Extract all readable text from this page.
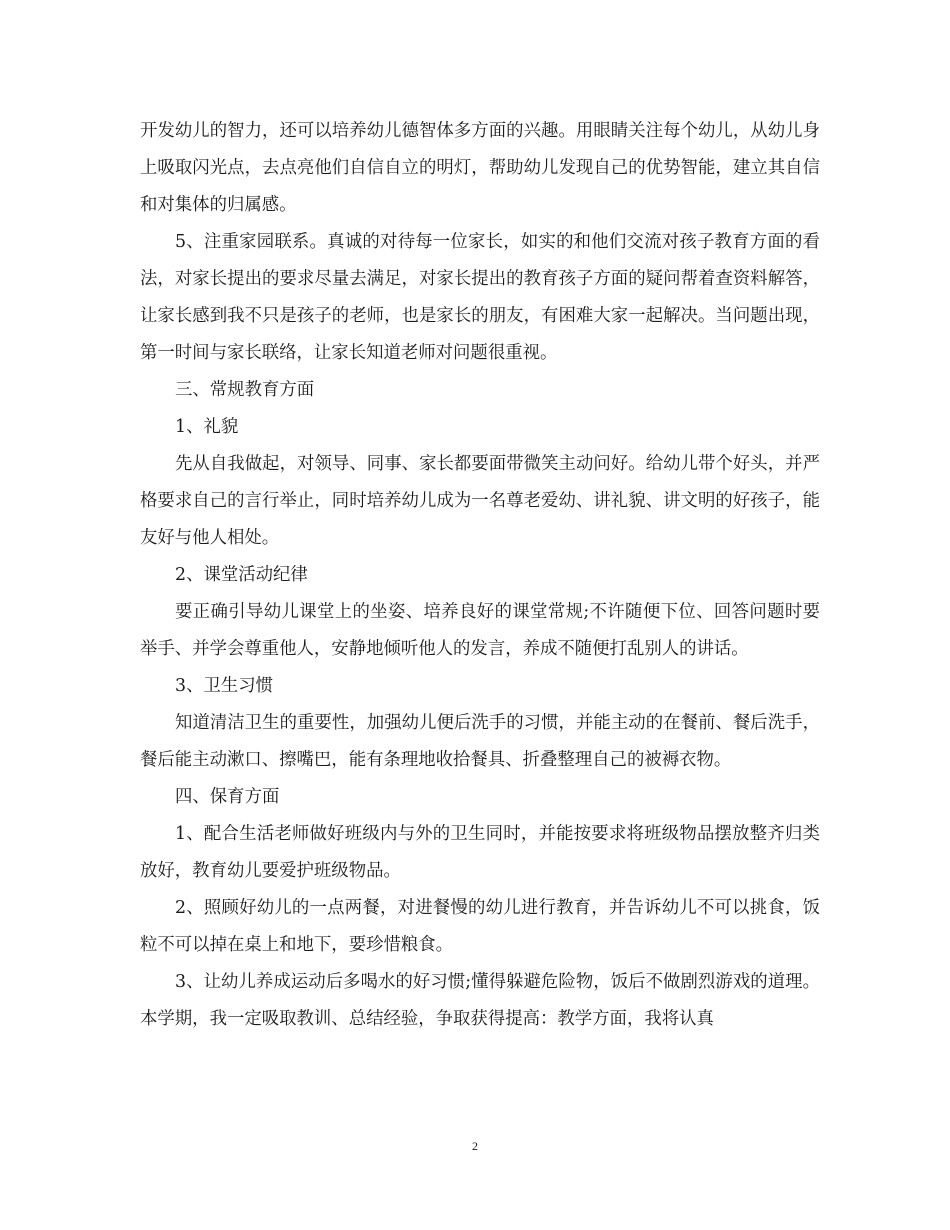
开发幼儿的智力，还可以培养幼儿德智体多方面的兴趣。用眼睛关注每个幼儿，从幼儿身上吸取闪光点，去点亮他们自信自立的明灯，帮助幼儿发现自己的优势智能，建立其自信和对集体的归属感。

5、注重家园联系。真诚的对待每一位家长，如实的和他们交流对孩子教育方面的看法，对家长提出的要求尽量去满足，对家长提出的教育孩子方面的疑问帮着查资料解答，让家长感到我不只是孩子的老师，也是家长的朋友，有困难大家一起解决。当问题出现，第一时间与家长联络，让家长知道老师对问题很重视。

三、常规教育方面

1、礼貌

先从自我做起，对领导、同事、家长都要面带微笑主动问好。给幼儿带个好头，并严格要求自己的言行举止，同时培养幼儿成为一名尊老爱幼、讲礼貌、讲文明的好孩子，能友好与他人相处。

2、课堂活动纪律

要正确引导幼儿课堂上的坐姿、培养良好的课堂常规;不许随便下位、回答问题时要举手、并学会尊重他人，安静地倾听他人的发言，养成不随便打乱别人的讲话。

3、卫生习惯

知道清洁卫生的重要性，加强幼儿便后洗手的习惯，并能主动的在餐前、餐后洗手，餐后能主动漱口、擦嘴巴，能有条理地收拾餐具、折叠整理自己的被褥衣物。

四、保育方面

1、配合生活老师做好班级内与外的卫生同时，并能按要求将班级物品摆放整齐归类放好，教育幼儿要爱护班级物品。

2、照顾好幼儿的一点两餐，对进餐慢的幼儿进行教育，并告诉幼儿不可以挑食，饭粒不可以掉在桌上和地下，要珍惜粮食。

3、让幼儿养成运动后多喝水的好习惯;懂得躲避危险物，饭后不做剧烈游戏的道理。本学期，我一定吸取教训、总结经验，争取获得提高：教学方面，我将认真

2
